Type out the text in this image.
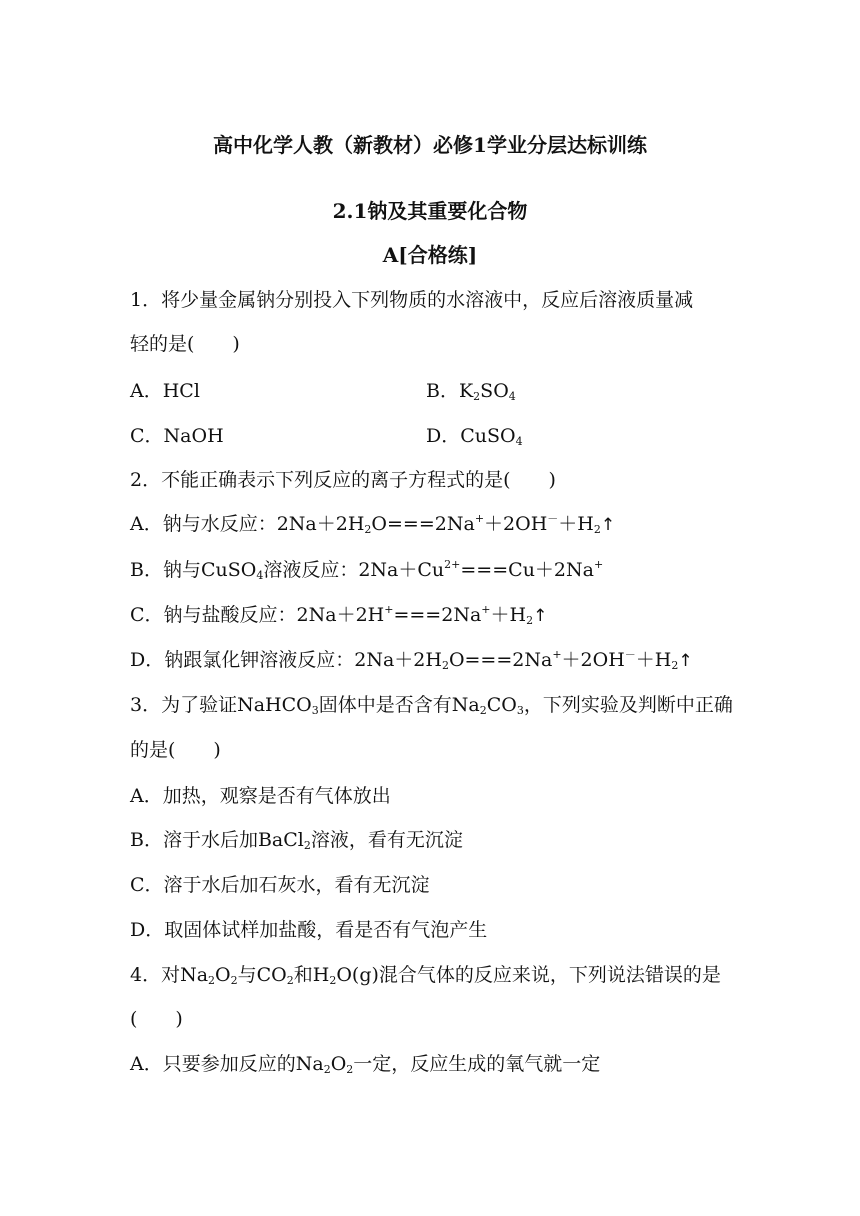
高中化学人教（新教材）必修1学业分层达标训练
2.1钠及其重要化合物
A[合格练]
1．将少量金属钠分别投入下列物质的水溶液中，反应后溶液质量减
轻的是(　　)
A．HCl	B．$K_2SO_4$
C．NaOH	D．CuSO$_4$
2．不能正确表示下列反应的离子方程式的是(　　)
A．钠与水反应：$2Na+2H_2O===2Na^++2OH^-+H_2↑$
B．钠与CuSO$_4$溶液反应：$2Na+Cu^{2+}===Cu+2Na^+$
C．钠与盐酸反应：$2Na+2H^+===2Na^++H_2↑$
D．钠跟氯化钾溶液反应：$2Na+2H_2O===2Na^++2OH^-+H_2↑$
3．为了验证NaHCO$_3$固体中是否含有$Na_2CO_3$，下列实验及判断中正确
的是(　　)
A．加热，观察是否有气体放出
B．溶于水后加BaCl$_2$溶液，看有无沉淀
C．溶于水后加石灰水，看有无沉淀
D．取固体试样加盐酸，看是否有气泡产生
4．对$Na_2O_2$与$CO_2$和$H_2O(g)$混合气体的反应来说，下列说法错误的是
(　　)
A．只要参加反应的$Na_2O_2$一定，反应生成的氧气就一定
